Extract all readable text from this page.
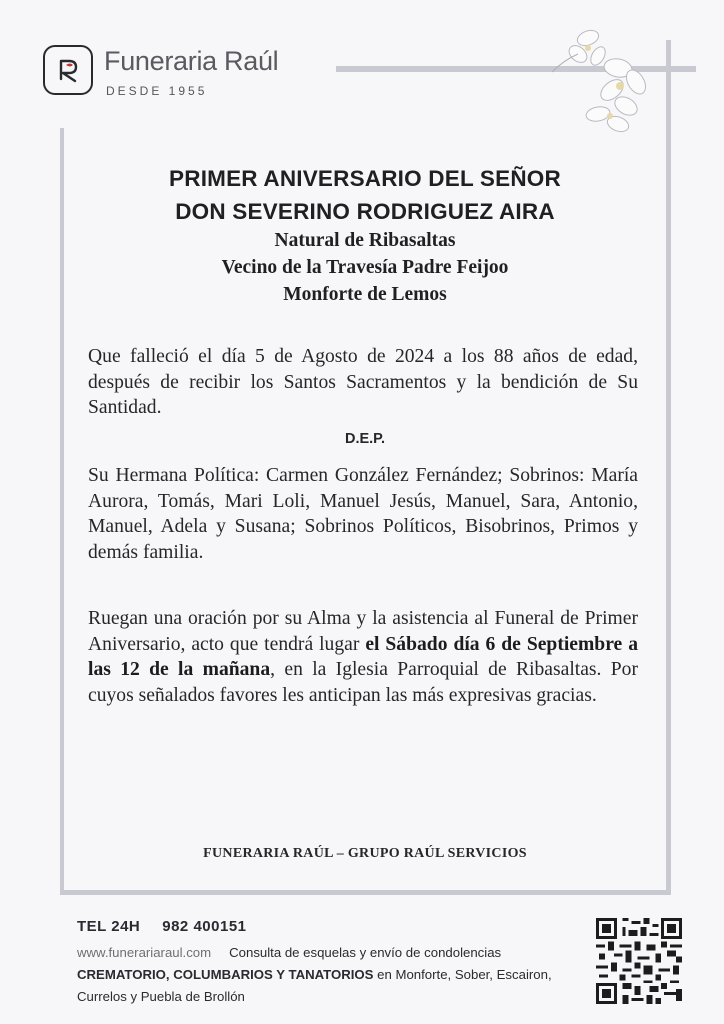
Funeraria Raúl
DESDE 1955
PRIMER ANIVERSARIO DEL SEÑOR
DON SEVERINO RODRIGUEZ AIRA
Natural de Ribasaltas
Vecino de la Travesía Padre Feijoo
Monforte de Lemos
Que falleció el día 5 de Agosto de 2024 a los 88 años de edad, después de recibir los Santos Sacramentos y la bendición de Su Santidad.
D.E.P.
Su Hermana Política: Carmen González Fernández; Sobrinos: María Aurora, Tomás, Mari Loli, Manuel Jesús, Manuel, Sara, Antonio, Manuel, Adela y Susana; Sobrinos Políticos, Bisobrinos, Primos y demás familia.
Ruegan una oración por su Alma y la asistencia al Funeral de Primer Aniversario, acto que tendrá lugar el Sábado día 6 de Septiembre a las 12 de la mañana, en la Iglesia Parroquial de Ribasaltas. Por cuyos señalados favores les anticipan las más expresivas gracias.
FUNERARIA RAÚL – GRUPO RAÚL SERVICIOS
TEL 24H 982 400151
www.funerariaraul.com Consulta de esquelas y envío de condolencias CREMATORIO, COLUMBARIOS Y TANATORIOS en Monforte, Sober, Escairon, Currelos y Puebla de Brollón
